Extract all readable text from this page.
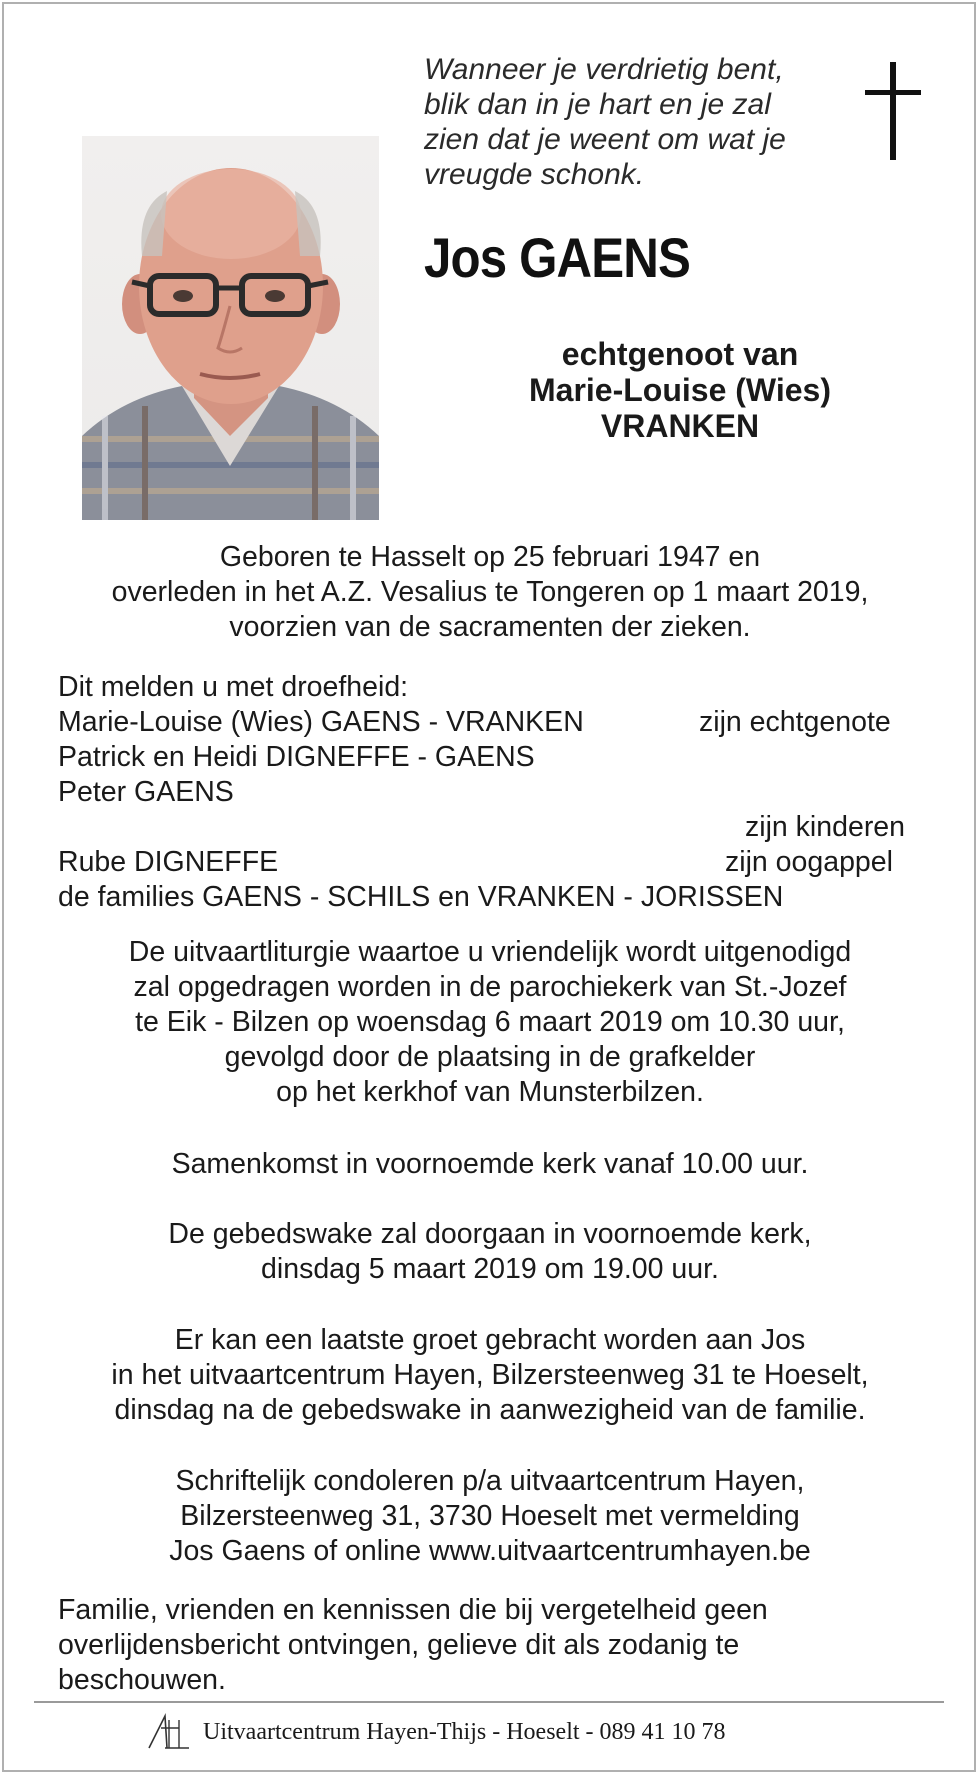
Wanneer je verdrietig bent,
blik dan in je hart en je zal
zien dat je weent om wat je
vreugde schonk.
Jos GAENS
echtgenoot van
Marie-Louise (Wies)
VRANKEN
Geboren te Hasselt op 25 februari 1947 en
overleden in het A.Z. Vesalius te Tongeren op 1 maart 2019,
voorzien van de sacramenten der zieken.
Dit melden u met droefheid:
Marie-Louise (Wies) GAENS - VRANKEN	zijn echtgenote
Patrick en Heidi DIGNEFFE - GAENS
Peter GAENS
zijn kinderen
Rube DIGNEFFE	zijn oogappel
de families GAENS - SCHILS en VRANKEN - JORISSEN
De uitvaartliturgie waartoe u vriendelijk wordt uitgenodigd
zal opgedragen worden in de parochiekerk van St.-Jozef
te Eik - Bilzen op woensdag 6 maart 2019 om 10.30 uur,
gevolgd door de plaatsing in de grafkelder
op het kerkhof van Munsterbilzen.
Samenkomst in voornoemde kerk vanaf 10.00 uur.
De gebedswake zal doorgaan in voornoemde kerk,
dinsdag 5 maart 2019 om 19.00 uur.
Er kan een laatste groet gebracht worden aan Jos
in het uitvaartcentrum Hayen, Bilzersteenweg 31 te Hoeselt,
dinsdag na de gebedswake in aanwezigheid van de familie.
Schriftelijk condoleren p/a uitvaartcentrum Hayen,
Bilzersteenweg 31, 3730 Hoeselt met vermelding
Jos Gaens of online www.uitvaartcentrumhayen.be
Familie, vrienden en kennissen die bij vergetelheid geen
overlijdensbericht ontvingen, gelieve dit als zodanig te
beschouwen.
Uitvaartcentrum Hayen-Thijs - Hoeselt - 089 41 10 78
